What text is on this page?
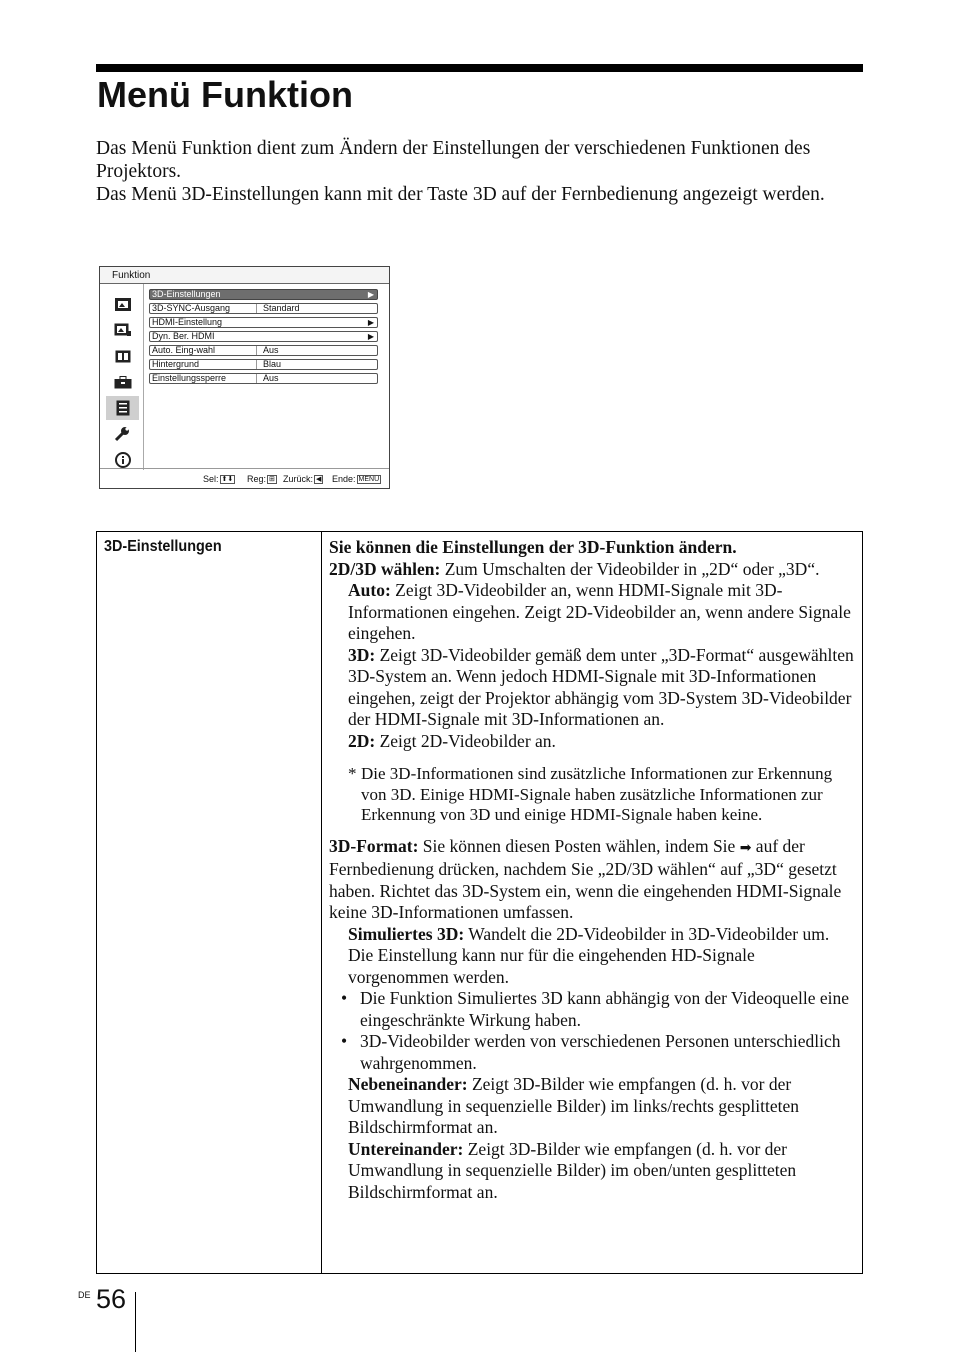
Menü Funktion

Das Menü Funktion dient zum Ändern der Einstellungen der verschiedenen Funktionen des Projektors.

Das Menü 3D-Einstellungen kann mit der Taste 3D auf der Fernbedienung angezeigt werden.

Funktion
3D-Einstellungen	▶
3D-SYNC-Ausgang	Standard
HDMI-Einstellung	▶
Dyn. Ber. HDMI	▶
Auto. Eing-wahl	Aus
Hintergrund	Blau
Einstellungssperre	Aus
Sel: ⬆⬇ Reg: ⊞ Zurück: ◀ Ende: MENU
3D-Einstellungen	Sie können die Einstellungen der 3D-Funktion ändern.

2D/3D wählen: Zum Umschalten der Videobilder in „2D“ oder „3D“.

Auto: Zeigt 3D-Videobilder an, wenn HDMI-Signale mit 3D-Informationen eingehen. Zeigt 2D-Videobilder an, wenn andere Signale eingehen.

3D: Zeigt 3D-Videobilder gemäß dem unter „3D-Format“ ausgewählten 3D-System an. Wenn jedoch HDMI-Signale mit 3D-Informationen eingehen, zeigt der Projektor abhängig vom 3D-System 3D-Videobilder der HDMI-Signale mit 3D-Informationen an.

2D: Zeigt 2D-Videobilder an.

* Die 3D-Informationen sind zusätzliche Informationen zur Erkennung von 3D. Einige HDMI-Signale haben zusätzliche Informationen zur Erkennung von 3D und einige HDMI-Signale haben keine.

3D-Format: Sie können diesen Posten wählen, indem Sie ➡ auf der Fernbedienung drücken, nachdem Sie „2D/3D wählen“ auf „3D“ gesetzt haben. Richtet das 3D-System ein, wenn die eingehenden HDMI-Signale keine 3D-Informationen umfassen.

Simuliertes 3D: Wandelt die 2D-Videobilder in 3D-Videobilder um. Die Einstellung kann nur für die eingehenden HD-Signale vorgenommen werden.

• Die Funktion Simuliertes 3D kann abhängig von der Videoquelle eine eingeschränkte Wirkung haben.

• 3D-Videobilder werden von verschiedenen Personen unterschiedlich wahrgenommen.

Nebeneinander: Zeigt 3D-Bilder wie empfangen (d. h. vor der Umwandlung in sequenzielle Bilder) im links/rechts gesplitteten Bildschirmformat an.

Untereinander: Zeigt 3D-Bilder wie empfangen (d. h. vor der Umwandlung in sequenzielle Bilder) im oben/unten gesplitteten Bildschirmformat an.

DE 56
